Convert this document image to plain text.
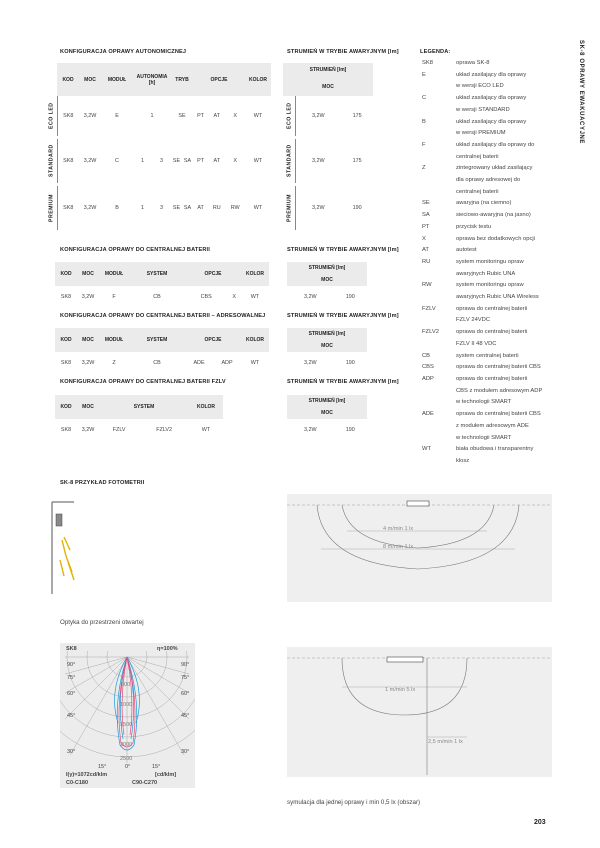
KONFIGURACJA OPRAWY AUTONOMICZNEJ
	KOD	MOC	MODUŁ	AUTONOMIA [h]		TRYB		OPCJE			KOLOR
ECO LED	SK8	3,2W	E	1		SE		PT	AT	X		WT

STANDARD	SK8	3,2W	C	1	3	SE	SA	PT	AT	X		WT

PREMIUM	SK8	3,2W	B	1	3	SE	SA	AT	RU	RW		WT
STRUMIEŃ W TRYBIE AWARYJNYM [lm]
STRUMIEŃ [lm]		
MOC		
ECO LED	3,2W	175

STANDARD	3,2W	175

PREMIUM	3,2W	190
KONFIGURACJA OPRAWY DO CENTRALNEJ BATERII
KOD	MOC	MODUŁ	SYSTEM	OPCJE		KOLOR
SK8	3,2W	F	CB	CBS	X	WT
STRUMIEŃ W TRYBIE AWARYJNYM [lm]
STRUMIEŃ [lm]
MOC
3,2W	190
KONFIGURACJA OPRAWY DO CENTRALNEJ BATERII – ADRESOWALNEJ
KOD	MOC	MODUŁ	SYSTEM	OPCJE		KOLOR
SK8	3,2W	Z	CB	ADE	ADP	WT
STRUMIEŃ W TRYBIE AWARYJNYM [lm]
STRUMIEŃ [lm]
MOC
3,2W	190
KONFIGURACJA OPRAWY DO CENTRALNEJ BATERII FZLV
KOD	MOC	SYSTEM		KOLOR
SK8	3,2W	FZLV	FZLV2	WT
STRUMIEŃ W TRYBIE AWARYJNYM [lm]
STRUMIEŃ [lm]
MOC
3,2W	190
LEGENDA:
SK8	oprawa SK-8
E	układ zasilający dla oprawy
w wersji ECO LED
C	układ zasilający dla oprawy
w wersji STANDARD
B	układ zasilający dla oprawy
w wersji PREMIUM
F	układ zasilający dla oprawy do
centralnej baterii
Z	zintegrowany układ zasilający
dla oprawy adresowej do
centralnej baterii
SE	awaryjna (na ciemno)
SA	sieciowo-awaryjna (na jasno)
PT	przycisk testu
X	oprawa bez dodatkowych opcji
AT	autotest
RU	system monitoringu opraw
awaryjnych Rubic UNA
RW	system monitoringu opraw
awaryjnych Rubic UNA Wireless
FZLV	oprawa do centralnej baterii
FZLV 24VDC
FZLV2	oprawa do centralnej baterii
FZLV II 48 VDC
CB	system centralnej baterii
CBS	oprawa do centralnej baterii CBS
ADP	oprawa do centralnej baterii
CBS z modułem adresowym ADP
w technologii SMART
ADE	oprawa do centralnej baterii CBS
z modułem adresowym ADE
w technologii SMART
WT	biała obudowa i transparentny
klosz
SK-8 OPRAWY EWAKUACYJNE
SK-8 PRZYKŁAD FOTOMETRII
Optyka do przestrzeni otwartej
SK8	η=100%
90°	90°
75°	75°
60°	60°
45°	45°
30°	30°
15°	0°	15°
500
1000
1500
2000
2500
I(γ)=1072cd/klm	[cd/klm]
C0-C180	C90-C270
4 m/min 1 lx
8 m/min 1 lx
1 m/min 5 lx
2,5 m/min 1 lx
symulacja dla jednej oprawy i min 0,5 lx (obszar)
203
